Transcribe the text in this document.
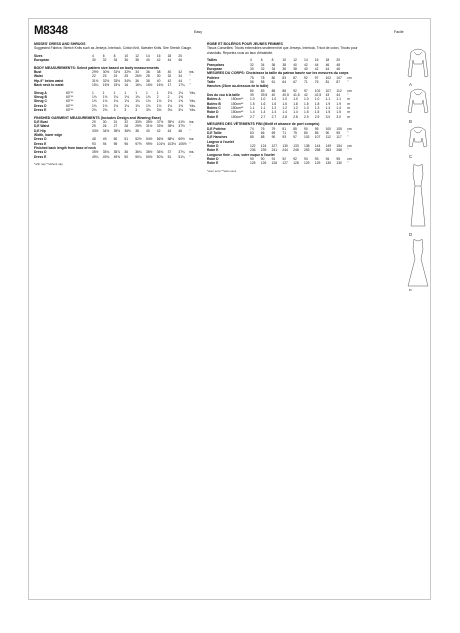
M8348	Easy	Facile
MISSES' DRESS AND SHRUGS
Suggested Fabrics: Stretch Knits such as Jerseys, Interlock, Cotton Knit, Sweater Knits. See Stretch Gauge.
Sizes	4	6	8	10	12	14	16	18	20
European	30	32	34	36	38	40	42	44	46
BODY MEASUREMENTS: Select pattern size based on body measurements
Bust	29½	30½	31½	32½	34	36	38	40	42	ins.
Waist	22	23	24	25	26½	28	30	32	34	"
Hip-9" below waist	31½	32½	33½	34½	36	38	40	42	44	"
Back neck to waist	15¼	15½	15¾	16	16¼	16½	16¾	17	17¼	"
Shrug A	60"**	1	1	1	1	1	1	1	1⅛	1⅛	Yds.
Shrug B	60"**	1⅛	1⅛	1⅛	1⅛	1⅛	1⅛	2	2	1⅝
Shrug C	60"**	1⅛	1⅛	1⅛	1⅛	1⅛	1⅛	1⅛	1⅛	1⅝	Yds.
Dress D	60"**	1⅛	1⅛	1⅛	1⅛	1⅛	1⅛	1⅛	1⅛	1⅝	Yds.
Dress E	60"**	2⅛	2⅛	3	3	3	3⅛	3⅛	3⅛	3⅛	Yds.
FINISHED GARMENT MEASUREMENTS (Includes Design and Wearing Ease)
D,E Bust	29	30	31	32	33½	35½	37½	39½	41½	ins.
D,E Waist	25	26	27	28	29½	31½	33½	35½	37½	"
D,E Hip	33½	34½	35½	36½	38	40	42	44	46	"
Width, lower edge
Dress D	48	49	50	51	52½	54½	56½	58½	60½	ins.
Dress E	93	94	95	96	97½	99½	101½ 103½ 105½ "
Finished back length from base of neck
Dress D	35½	35¾	35⅞	36	36¼	36½	36¾	37	37¼	ins.
Dress E	49¼	49¾	49⅝	50	50¼	50½	50¾	51	51¼	"
*with nap **without nap
ROBE ET BOLÉROS POUR JEUNES FEMMES
Tissus Conseillés: Tricots extensibles seulement tel que Jerseys, Interlock, Tricot de coton, Tricots pour chandails. Reportez-vous au taux d'élasticité.
Tailles	4	6	8	10	12	14	16	18	20
Françaises	32	34	36	38	40	42	44	46	48
European	30	32	34	36	38	40	42	44	46
MESURES DU CORPS: Choisissez la taille du patron basée sur les mesures du corps
Poitrine	75	78	80	83	87	92	97	102	107	cm
Taille	56	58	61	64	67	71	76	81	87	"
Hanches (23cm au-dessous de la taille)
80	83	85	88	92	97	102	107	112	cm
Dos du cou à la taille	39	39,5	40	40,5	41,5	42	42,5	43	44	"
Boléro A	150cm**	1.0	1.0	1.0	1.0	1.0	1.0	1.0	1.1	1.1	m
Boléro B	150cm**	1.5	1.6	1.6	1.6	1.8	1.8	1.8	1.9	1.9	m
Boléro C	150cm**	1.1	1.1	1.2	1.2	1.2	1.3	1.3	1.4	1.4	m
Robe D	150cm**	1.4	1.4	1.4	1.4	1.4	1.5	1.5	1.5	1.5	m
Robe E	150cm**	2.7	2.7	2.7	2.8	2.8	2.9	2.9	3.0	3.0	m
MESURES DES VÊTEMENTS FINI (Motif et aisance de port compris)
D,E Poitrine	74	76	79	81	85	90	95	100	105	cm
D,E Taille	63	66	69	71	75	80	85	90	95	"
D,E Hanches	85	88	90	93	97	102	107	112	117	"
Largeur à l'ourlet
Robe D	122	124	127	130	133	138	144	149	154	cm
Robe E	236	239	241	244	248	253	258	263	268	"
Longueur finie – dos, votre nuque à l'ourlet
Robe D	90	90	91	92	92	93	93	94	95	cm
Robe E	125	126	126	127	128	129	129	130	130	"
*avec sens **sans sens
A
B
C
D
E
